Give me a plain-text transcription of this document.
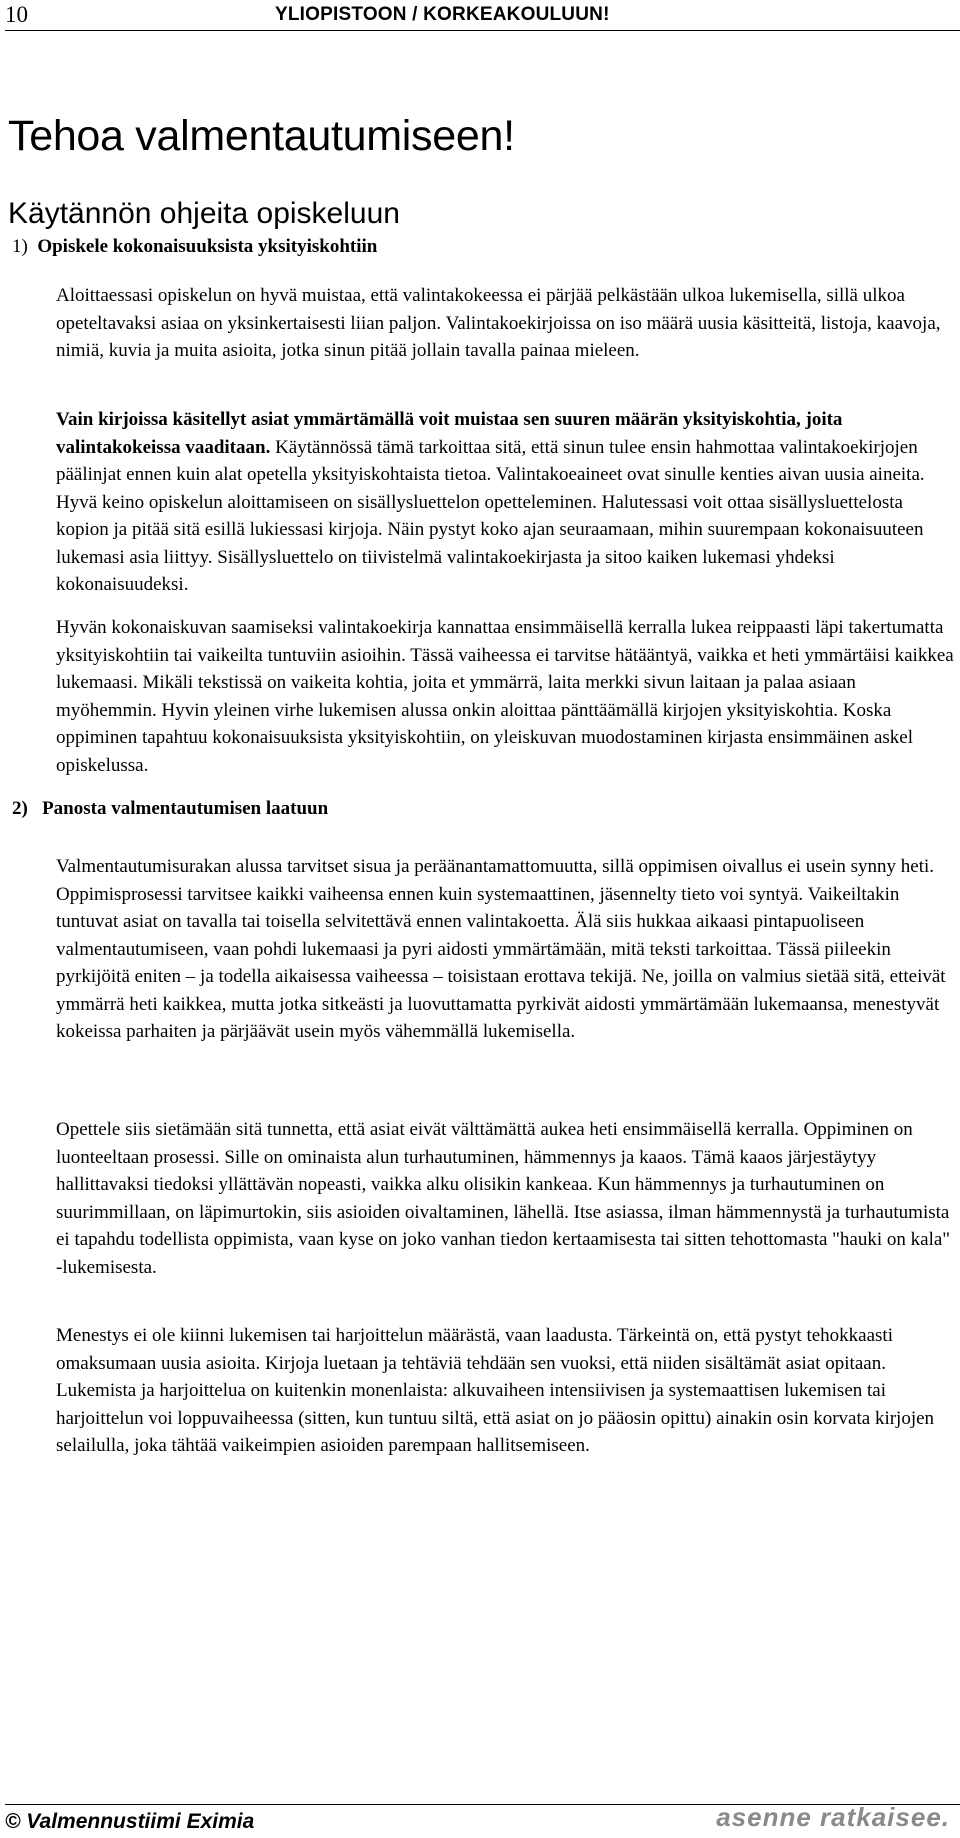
10	YLIOPISTOON / KORKEAKOULUUN!
Tehoa valmentautumiseen!
Käytännön ohjeita opiskeluun
1) Opiskele kokonaisuuksista yksityiskohtiin

Aloittaessasi opiskelun on hyvä muistaa, että valintakokeessa ei pärjää pelkästään ulkoa lukemisella, sillä ulkoa opeteltavaksi asiaa on yksinkertaisesti liian paljon. Valintakoekirjoissa on iso määrä uusia käsitteitä, listoja, kaavoja, nimiä, kuvia ja muita asioita, jotka sinun pitää jollain tavalla painaa mieleen.

Vain kirjoissa käsitellyt asiat ymmärtämällä voit muistaa sen suuren määrän yksityiskohtia, joita valintakokeissa vaaditaan. Käytännössä tämä tarkoittaa sitä, että sinun tulee ensin hahmottaa valintakoekirjojen päälinjat ennen kuin alat opetella yksityiskohtaista tietoa. Valintakoeaineet ovat sinulle kenties aivan uusia aineita. Hyvä keino opiskelun aloittamiseen on sisällysluettelon opetteleminen. Halutessasi voit ottaa sisällysluettelosta kopion ja pitää sitä esillä lukiessasi kirjoja. Näin pystyt koko ajan seuraamaan, mihin suurempaan kokonaisuuteen lukemasi asia liittyy. Sisällysluettelo on tiivistelmä valintakoekirjasta ja sitoo kaiken lukemasi yhdeksi kokonaisuudeksi.

Hyvän kokonaiskuvan saamiseksi valintakoekirja kannattaa ensimmäisellä kerralla lukea reippaasti läpi takertumatta yksityiskohtiin tai vaikeilta tuntuviin asioihin. Tässä vaiheessa ei tarvitse hätääntyä, vaikka et heti ymmärtäisi kaikkea lukemaasi. Mikäli tekstissä on vaikeita kohtia, joita et ymmärrä, laita merkki sivun laitaan ja palaa asiaan myöhemmin. Hyvin yleinen virhe lukemisen alussa onkin aloittaa pänttäämällä kirjojen yksityiskohtia. Koska oppiminen tapahtuu kokonaisuuksista yksityiskohtiin, on yleiskuvan muodostaminen kirjasta ensimmäinen askel opiskelussa.

2) Panosta valmentautumisen laatuun

Valmentautumisurakan alussa tarvitset sisua ja peräänantamattomuutta, sillä oppimisen oivallus ei usein synny heti. Oppimisprosessi tarvitsee kaikki vaiheensa ennen kuin systemaattinen, jäsennelty tieto voi syntyä. Vaikeiltakin tuntuvat asiat on tavalla tai toisella selvitettävä ennen valintakoetta. Älä siis hukkaa aikaasi pintapuoliseen valmentautumiseen, vaan pohdi lukemaasi ja pyri aidosti ymmärtämään, mitä teksti tarkoittaa. Tässä piileekin pyrkijöitä eniten – ja todella aikaisessa vaiheessa – toisistaan erottava tekijä. Ne, joilla on valmius sietää sitä, etteivät ymmärrä heti kaikkea, mutta jotka sitkeästi ja luovuttamatta pyrkivät aidosti ymmärtämään lukemaansa, menestyvät kokeissa parhaiten ja pärjäävät usein myös vähemmällä lukemisella.

Opettele siis sietämään sitä tunnetta, että asiat eivät välttämättä aukea heti ensimmäisellä kerralla. Oppiminen on luonteeltaan prosessi. Sille on ominaista alun turhautuminen, hämmennys ja kaaos. Tämä kaaos järjestäytyy hallittavaksi tiedoksi yllättävän nopeasti, vaikka alku olisikin kankeaa. Kun hämmennys ja turhautuminen on suurimmillaan, on läpimurtokin, siis asioiden oivaltaminen, lähellä. Itse asiassa, ilman hämmennystä ja turhautumista ei tapahdu todellista oppimista, vaan kyse on joko vanhan tiedon kertaamisesta tai sitten tehottomasta "hauki on kala" -lukemisesta.

Menestys ei ole kiinni lukemisen tai harjoittelun määrästä, vaan laadusta. Tärkeintä on, että pystyt tehokkaasti omaksumaan uusia asioita. Kirjoja luetaan ja tehtäviä tehdään sen vuoksi, että niiden sisältämät asiat opitaan. Lukemista ja harjoittelua on kuitenkin monenlaista: alkuvaiheen intensiivisen ja systemaattisen lukemisen tai harjoittelun voi loppuvaiheessa (sitten, kun tuntuu siltä, että asiat on jo pääosin opittu) ainakin osin korvata kirjojen selailulla, joka tähtää vaikeimpien asioiden parempaan hallitsemiseen.

© Valmennustiimi Eximia	asenne ratkaisee.
